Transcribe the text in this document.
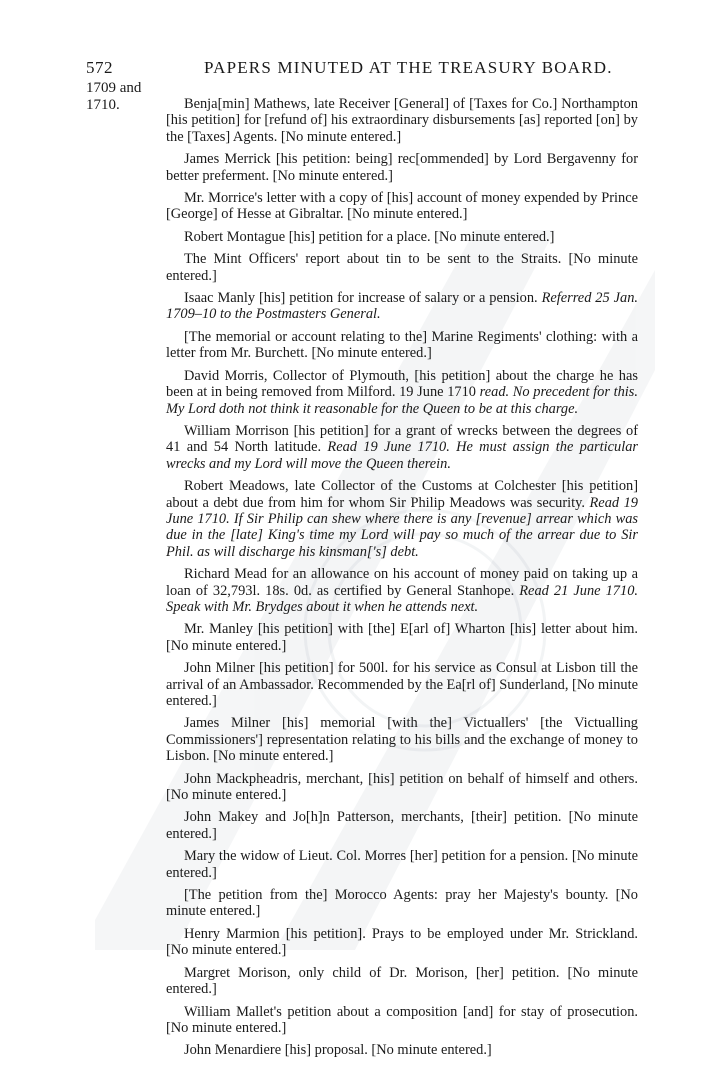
572	PAPERS MINUTED AT THE TREASURY BOARD.
1709 and
1710.	Benja[min] Mathews, late Receiver [General] of [Taxes for Co.] Northampton [his petition] for [refund of] his extraordinary disbursements [as] reported [on] by the [Taxes] Agents. [No minute entered.]

James Merrick [his petition: being] rec[ommended] by Lord Bergavenny for better preferment. [No minute entered.]

Mr. Morrice's letter with a copy of [his] account of money expended by Prince [George] of Hesse at Gibraltar. [No minute entered.]

Robert Montague [his] petition for a place. [No minute entered.]

The Mint Officers' report about tin to be sent to the Straits. [No minute entered.]

Isaac Manly [his] petition for increase of salary or a pension. Referred 25 Jan. 1709–10 to the Postmasters General.

[The memorial or account relating to the] Marine Regiments' clothing: with a letter from Mr. Burchett. [No minute entered.]

David Morris, Collector of Plymouth, [his petition] about the charge he has been at in being removed from Milford. 19 June 1710 read. No precedent for this. My Lord doth not think it reasonable for the Queen to be at this charge.

William Morrison [his petition] for a grant of wrecks between the degrees of 41 and 54 North latitude. Read 19 June 1710. He must assign the particular wrecks and my Lord will move the Queen therein.

Robert Meadows, late Collector of the Customs at Colchester [his petition] about a debt due from him for whom Sir Philip Meadows was security. Read 19 June 1710. If Sir Philip can shew where there is any [revenue] arrear which was due in the [late] King's time my Lord will pay so much of the arrear due to Sir Phil. as will discharge his kinsman['s] debt.

Richard Mead for an allowance on his account of money paid on taking up a loan of 32,793l. 18s. 0d. as certified by General Stanhope. Read 21 June 1710. Speak with Mr. Brydges about it when he attends next.

Mr. Manley [his petition] with [the] E[arl of] Wharton [his] letter about him. [No minute entered.]

John Milner [his petition] for 500l. for his service as Consul at Lisbon till the arrival of an Ambassador. Recommended by the Ea[rl of] Sunderland, [No minute entered.]

James Milner [his] memorial [with the] Victuallers' [the Victualling Commissioners'] representation relating to his bills and the exchange of money to Lisbon. [No minute entered.]

John Mackpheadris, merchant, [his] petition on behalf of himself and others. [No minute entered.]

John Makey and Jo[h]n Patterson, merchants, [their] petition. [No minute entered.]

Mary the widow of Lieut. Col. Morres [her] petition for a pension. [No minute entered.]

[The petition from the] Morocco Agents: pray her Majesty's bounty. [No minute entered.]

Henry Marmion [his petition]. Prays to be employed under Mr. Strickland. [No minute entered.]

Margret Morison, only child of Dr. Morison, [her] petition. [No minute entered.]

William Mallet's petition about a composition [and] for stay of prosecution. [No minute entered.]

John Menardiere [his] proposal. [No minute entered.]
